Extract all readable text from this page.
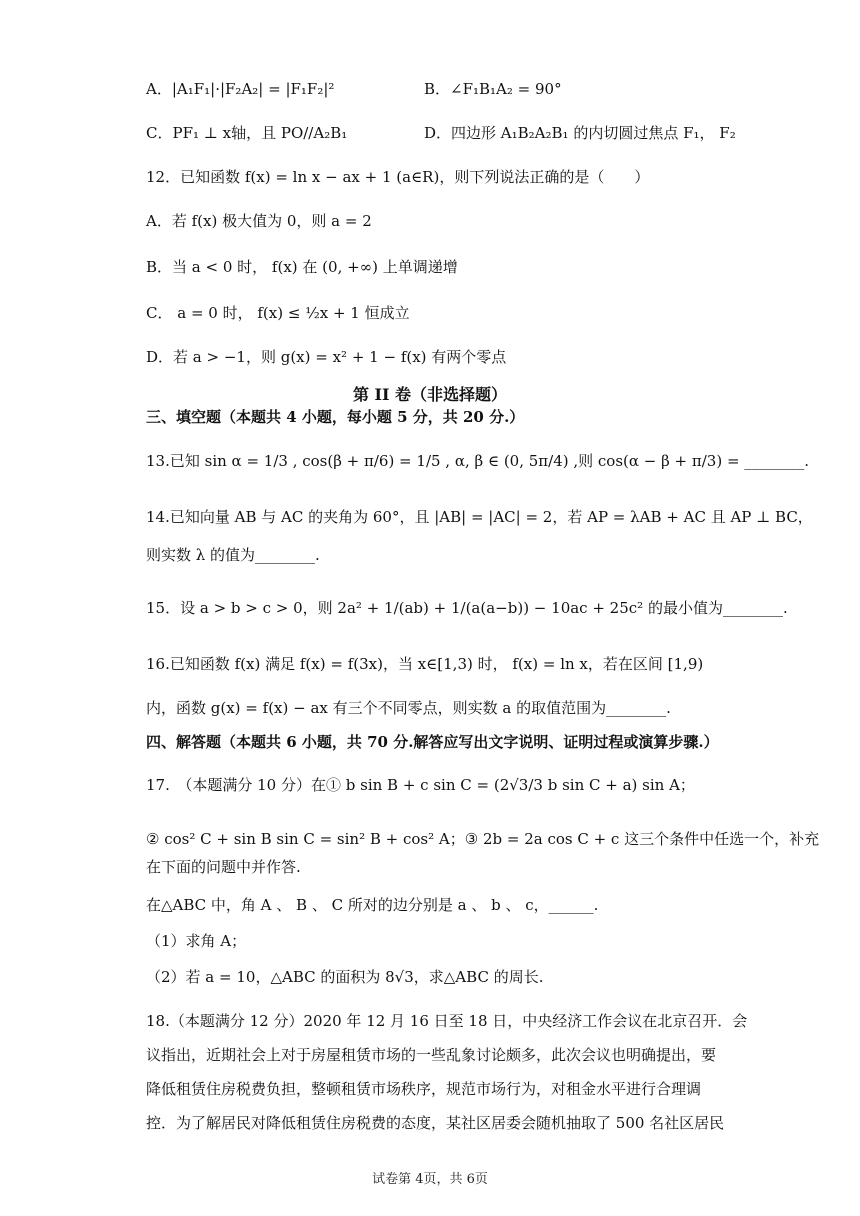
A．|A₁F₁|·|F₂A₂| = |F₁F₂|²	B．∠F₁B₁A₂ = 90°
C．PF₁ ⊥ x轴，且 PO//A₂B₁	D．四边形 A₁B₂A₂B₁ 的内切圆过焦点 F₁， F₂
12．已知函数 f(x) = ln x − ax + 1 (a∈R)，则下列说法正确的是（　　）
A．若 f(x) 极大值为 0，则 a = 2
B．当 a < 0 时， f(x) 在 (0, +∞) 上单调递增
C． a = 0 时， f(x) ≤ ½x + 1 恒成立
D．若 a > −1，则 g(x) = x² + 1 − f(x) 有两个零点
第 II 卷（非选择题）
三、填空题（本题共 4 小题，每小题 5 分，共 20 分.）
13.已知 sin α = 1/3 , cos(β + π/6) = 1/5 , α, β ∈ (0, 5π/4) ,则 cos(α − β + π/3) = ________.
14.已知向量 AB 与 AC 的夹角为 60°，且 |AB| = |AC| = 2，若 AP = λAB + AC 且 AP ⊥ BC，
则实数 λ 的值为________.
15．设 a > b > c > 0，则 2a² + 1/(ab) + 1/(a(a−b)) − 10ac + 25c² 的最小值为________.
16.已知函数 f(x) 满足 f(x) = f(3x)，当 x∈[1,3) 时， f(x) = ln x，若在区间 [1,9)
内，函数 g(x) = f(x) − ax 有三个不同零点，则实数 a 的取值范围为________.
四、解答题（本题共 6 小题，共 70 分.解答应写出文字说明、证明过程或演算步骤.）
17.　（本题满分 10 分）在① b sin B + c sin C = (2√3/3 b sin C + a) sin A；
② cos² C + sin B sin C = sin² B + cos² A；③ 2b = 2a cos C + c 这三个条件中任选一个，补充
在下面的问题中并作答.
在△ABC 中，角 A 、 B 、 C 所对的边分别是 a 、 b 、 c，______.
（1）求角 A；
（2）若 a = 10，△ABC 的面积为 8√3，求△ABC 的周长.
18.（本题满分 12 分）2020 年 12 月 16 日至 18 日，中央经济工作会议在北京召开．会
议指出，近期社会上对于房屋租赁市场的一些乱象讨论颇多，此次会议也明确提出，要
降低租赁住房税费负担，整顿租赁市场秩序，规范市场行为，对租金水平进行合理调
控．为了解居民对降低租赁住房税费的态度，某社区居委会随机抽取了 500 名社区居民
试卷第 4页，共 6页
